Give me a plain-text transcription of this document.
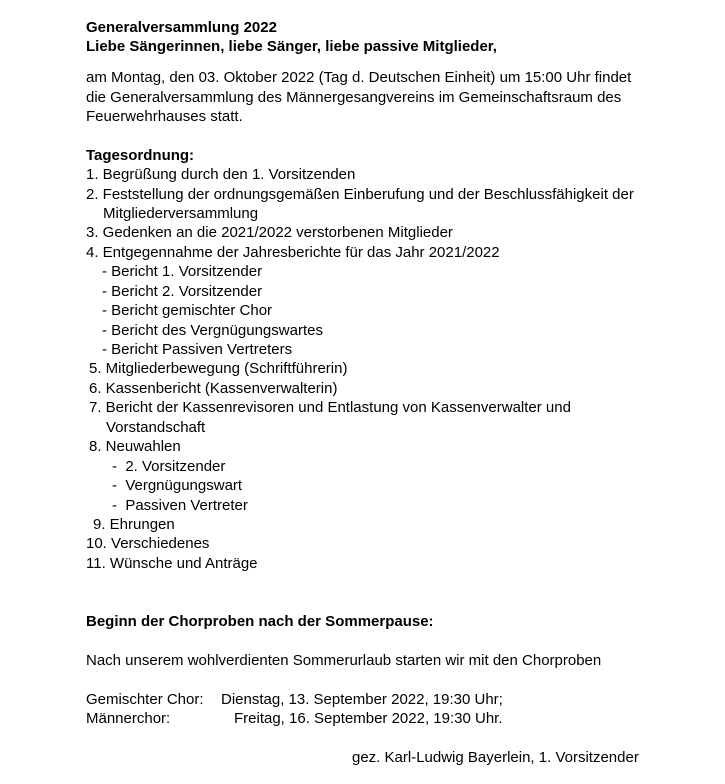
Generalversammlung 2022
Liebe Sängerinnen, liebe Sänger, liebe passive Mitglieder,
am Montag, den 03. Oktober 2022 (Tag d. Deutschen Einheit) um 15:00 Uhr findet
die Generalversammlung des Männergesangvereins im Gemeinschaftsraum des
Feuerwehrhauses statt.
Tagesordnung:
1. Begrüßung durch den 1. Vorsitzenden
2. Feststellung der ordnungsgemäßen Einberufung und der Beschlussfähigkeit der
Mitgliederversammlung
3. Gedenken an die 2021/2022 verstorbenen Mitglieder
4. Entgegennahme der Jahresberichte für das Jahr 2021/2022
- Bericht 1. Vorsitzender
- Bericht 2. Vorsitzender
- Bericht gemischter Chor
- Bericht des Vergnügungswartes
- Bericht Passiven Vertreters
5. Mitgliederbewegung (Schriftführerin)
6. Kassenbericht (Kassenverwalterin)
7. Bericht der Kassenrevisoren und Entlastung von Kassenverwalter und
Vorstandschaft
8. Neuwahlen
-  2. Vorsitzender
-  Vergnügungswart
-  Passiven Vertreter
9. Ehrungen
10. Verschiedenes
11. Wünsche und Anträge
Beginn der Chorproben nach der Sommerpause:
Nach unserem wohlverdienten Sommerurlaub starten wir mit den Chorproben
Gemischter Chor: Dienstag, 13. September 2022, 19:30 Uhr;
Männerchor:	Freitag, 16. September 2022, 19:30 Uhr.
gez. Karl-Ludwig Bayerlein, 1. Vorsitzender
